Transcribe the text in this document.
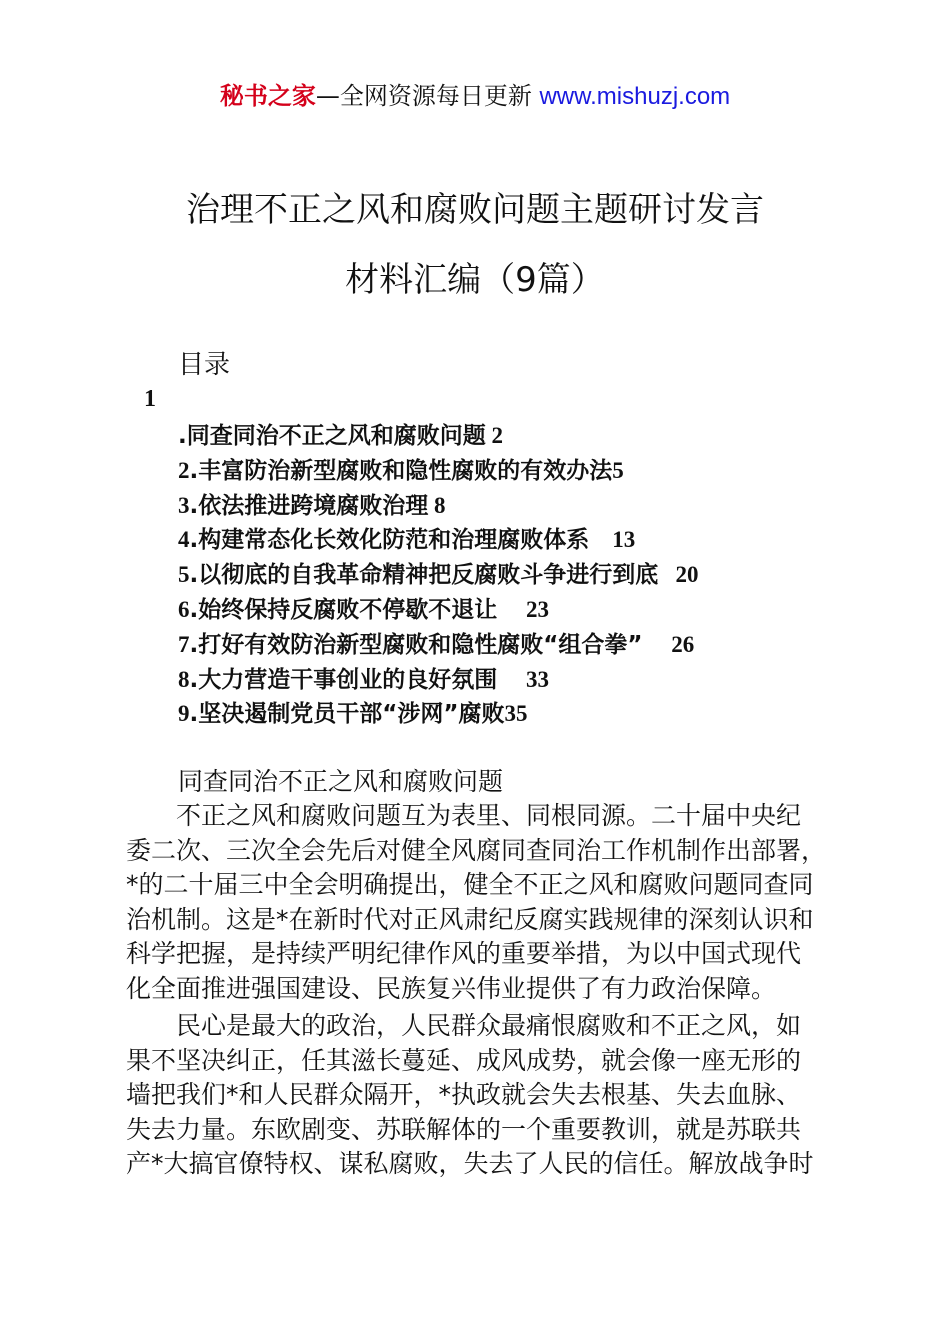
秘书之家—全网资源每日更新 www.mishuzj.com
治理不正之风和腐败问题主题研讨发言
材料汇编（9篇）
目录
1
.同查同治不正之风和腐败问题 2
2.丰富防治新型腐败和隐性腐败的有效办法5
3.依法推进跨境腐败治理 8
4.构建常态化长效化防范和治理腐败体系    13
5.以彻底的自我革命精神把反腐败斗争进行到底   20
6.始终保持反腐败不停歇不退让     23
7.打好有效防治新型腐败和隐性腐败“组合拳”     26
8.大力营造干事创业的良好氛围     33
9.坚决遏制党员干部“涉网”腐败35
同查同治不正之风和腐败问题
　　不正之风和腐败问题互为表里、同根同源。二十届中央纪
委二次、三次全会先后对健全风腐同查同治工作机制作出部署，
*的二十届三中全会明确提出，健全不正之风和腐败问题同查同
治机制。这是*在新时代对正风肃纪反腐实践规律的深刻认识和
科学把握，是持续严明纪律作风的重要举措，为以中国式现代
化全面推进强国建设、民族复兴伟业提供了有力政治保障。
　　民心是最大的政治，人民群众最痛恨腐败和不正之风，如
果不坚决纠正，任其滋长蔓延、成风成势，就会像一座无形的
墙把我们*和人民群众隔开，*执政就会失去根基、失去血脉、
失去力量。东欧剧变、苏联解体的一个重要教训，就是苏联共
产*大搞官僚特权、谋私腐败，失去了人民的信任。解放战争时
